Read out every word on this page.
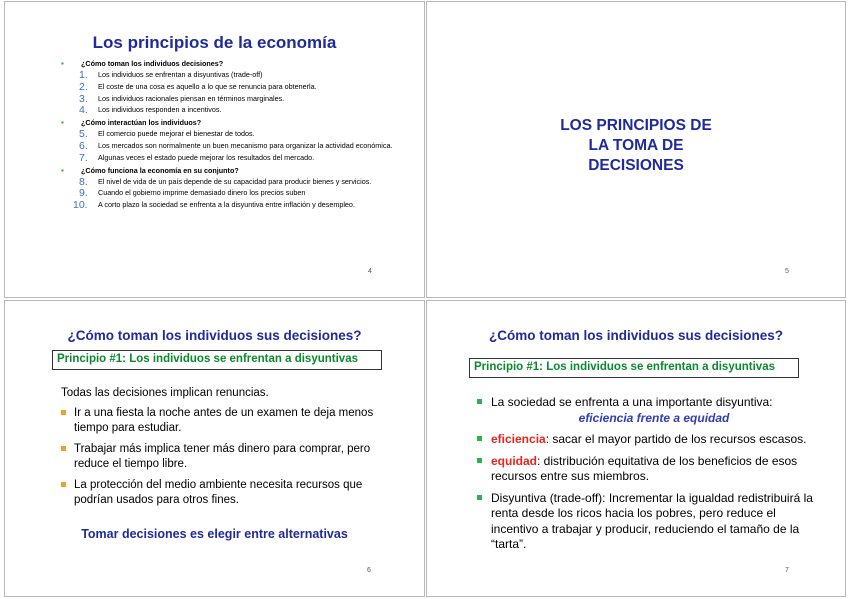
Los principios de la economía
▪ ¿Cómo toman los individuos decisiones?
1. Los individuos se enfrentan a disyuntivas (trade-off)
2. El coste de una cosa es aquello a lo que se renuncia para obtenerla.
3. Los individuos racionales piensan en términos marginales.
4. Los individuos responden a incentivos.
▪ ¿Cómo interactúan los individuos?
5. El comercio puede mejorar el bienestar de todos.
6. Los mercados son normalmente un buen mecanismo para organizar la actividad económica.
7. Algunas veces el estado puede mejorar los resultados del mercado.
▪ ¿Cómo funciona la economía en su conjunto?
8. El nivel de vida de un país depende de su capacidad para producir bienes y servicios.
9. Cuando el gobierno imprime demasiado dinero los precios suben
10. A corto plazo la sociedad se enfrenta a la disyuntiva entre inflación y desempleo.
4
LOS PRINCIPIOS DE
LA TOMA DE
DECISIONES
5
¿Cómo toman los individuos sus decisiones?
Principio #1: Los individuos se enfrentan a disyuntivas

Todas las decisiones implican renuncias.

Ir a una fiesta la noche antes de un examen te deja menos tiempo para estudiar.
Trabajar más implica tener más dinero para comprar, pero reduce el tiempo libre.
La protección del medio ambiente necesita recursos que podrían usados para otros fines.
Tomar decisiones es elegir entre alternativas
6
¿Cómo toman los individuos sus decisiones?
Principio #1: Los individuos se enfrentan a disyuntivas
La sociedad se enfrenta a una importante disyuntiva:
eficiencia frente a equidad
eficiencia: sacar el mayor partido de los recursos escasos.
equidad: distribución equitativa de los beneficios de esos recursos entre sus miembros.
Disyuntiva (trade-off): Incrementar la igualdad redistribuirá la renta desde los ricos hacia los pobres, pero reduce el incentivo a trabajar y producir, reduciendo el tamaño de la “tarta”.
7
